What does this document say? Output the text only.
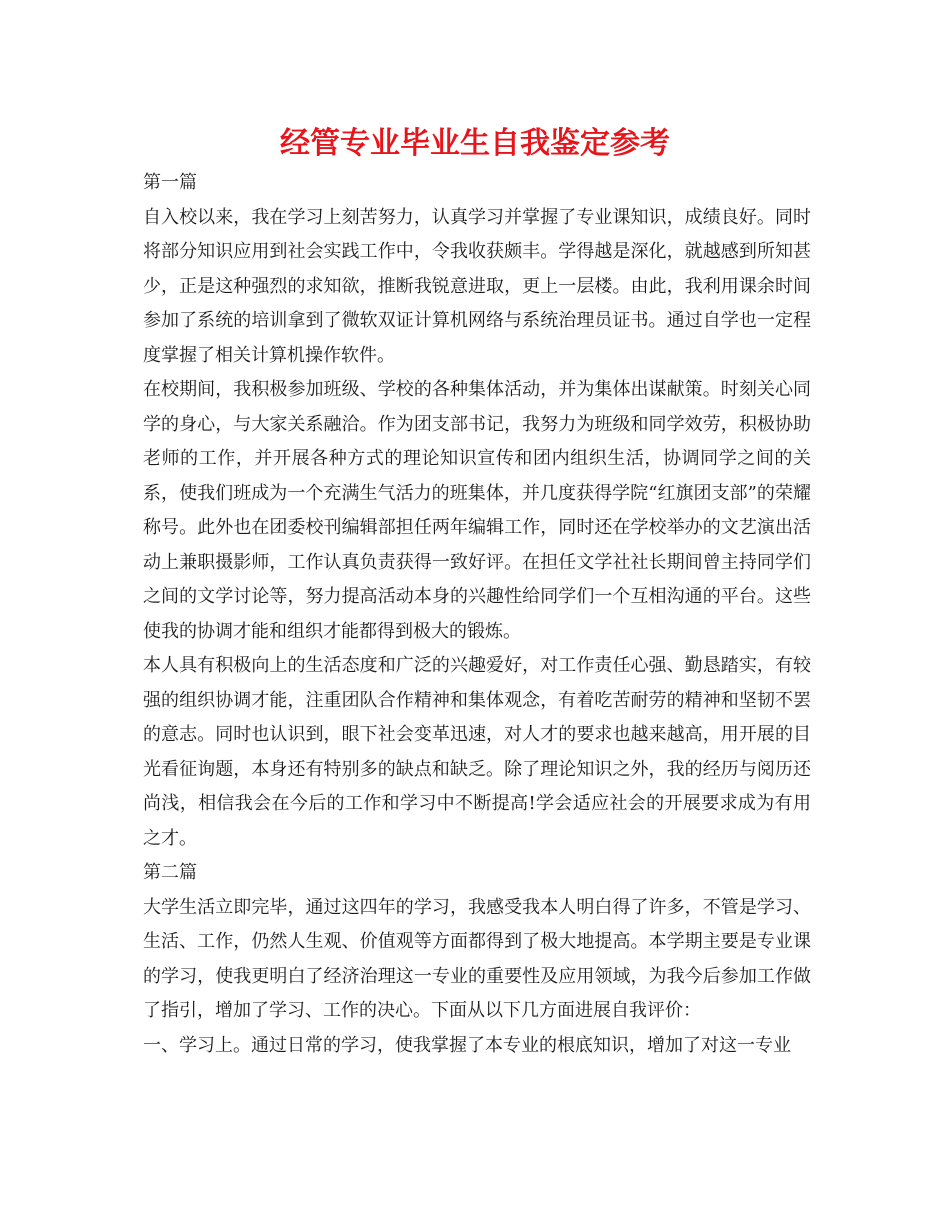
经管专业毕业生自我鉴定参考

第一篇

自入校以来，我在学习上刻苦努力，认真学习并掌握了专业课知识，成绩良好。同时将部分知识应用到社会实践工作中，令我收获颇丰。学得越是深化，就越感到所知甚少，正是这种强烈的求知欲，推断我锐意进取，更上一层楼。由此，我利用课余时间参加了系统的培训拿到了微软双证计算机网络与系统治理员证书。通过自学也一定程度掌握了相关计算机操作软件。

在校期间，我积极参加班级、学校的各种集体活动，并为集体出谋献策。时刻关心同学的身心，与大家关系融洽。作为团支部书记，我努力为班级和同学效劳，积极协助老师的工作，并开展各种方式的理论知识宣传和团内组织生活，协调同学之间的关系，使我们班成为一个充满生气活力的班集体，并几度获得学院“红旗团支部”的荣耀称号。此外也在团委校刊编辑部担任两年编辑工作，同时还在学校举办的文艺演出活动上兼职摄影师，工作认真负责获得一致好评。在担任文学社社长期间曾主持同学们之间的文学讨论等，努力提高活动本身的兴趣性给同学们一个互相沟通的平台。这些使我的协调才能和组织才能都得到极大的锻炼。

本人具有积极向上的生活态度和广泛的兴趣爱好，对工作责任心强、勤恳踏实，有较强的组织协调才能，注重团队合作精神和集体观念，有着吃苦耐劳的精神和坚韧不罢的意志。同时也认识到，眼下社会变革迅速，对人才的要求也越来越高，用开展的目光看征询题，本身还有特别多的缺点和缺乏。除了理论知识之外，我的经历与阅历还尚浅，相信我会在今后的工作和学习中不断提高!学会适应社会的开展要求成为有用之才。

第二篇

大学生活立即完毕，通过这四年的学习，我感受我本人明白得了许多，不管是学习、生活、工作，仍然人生观、价值观等方面都得到了极大地提高。本学期主要是专业课的学习，使我更明白了经济治理这一专业的重要性及应用领域，为我今后参加工作做了指引，增加了学习、工作的决心。下面从以下几方面进展自我评价：

一、学习上。通过日常的学习，使我掌握了本专业的根底知识，增加了对这一专业
